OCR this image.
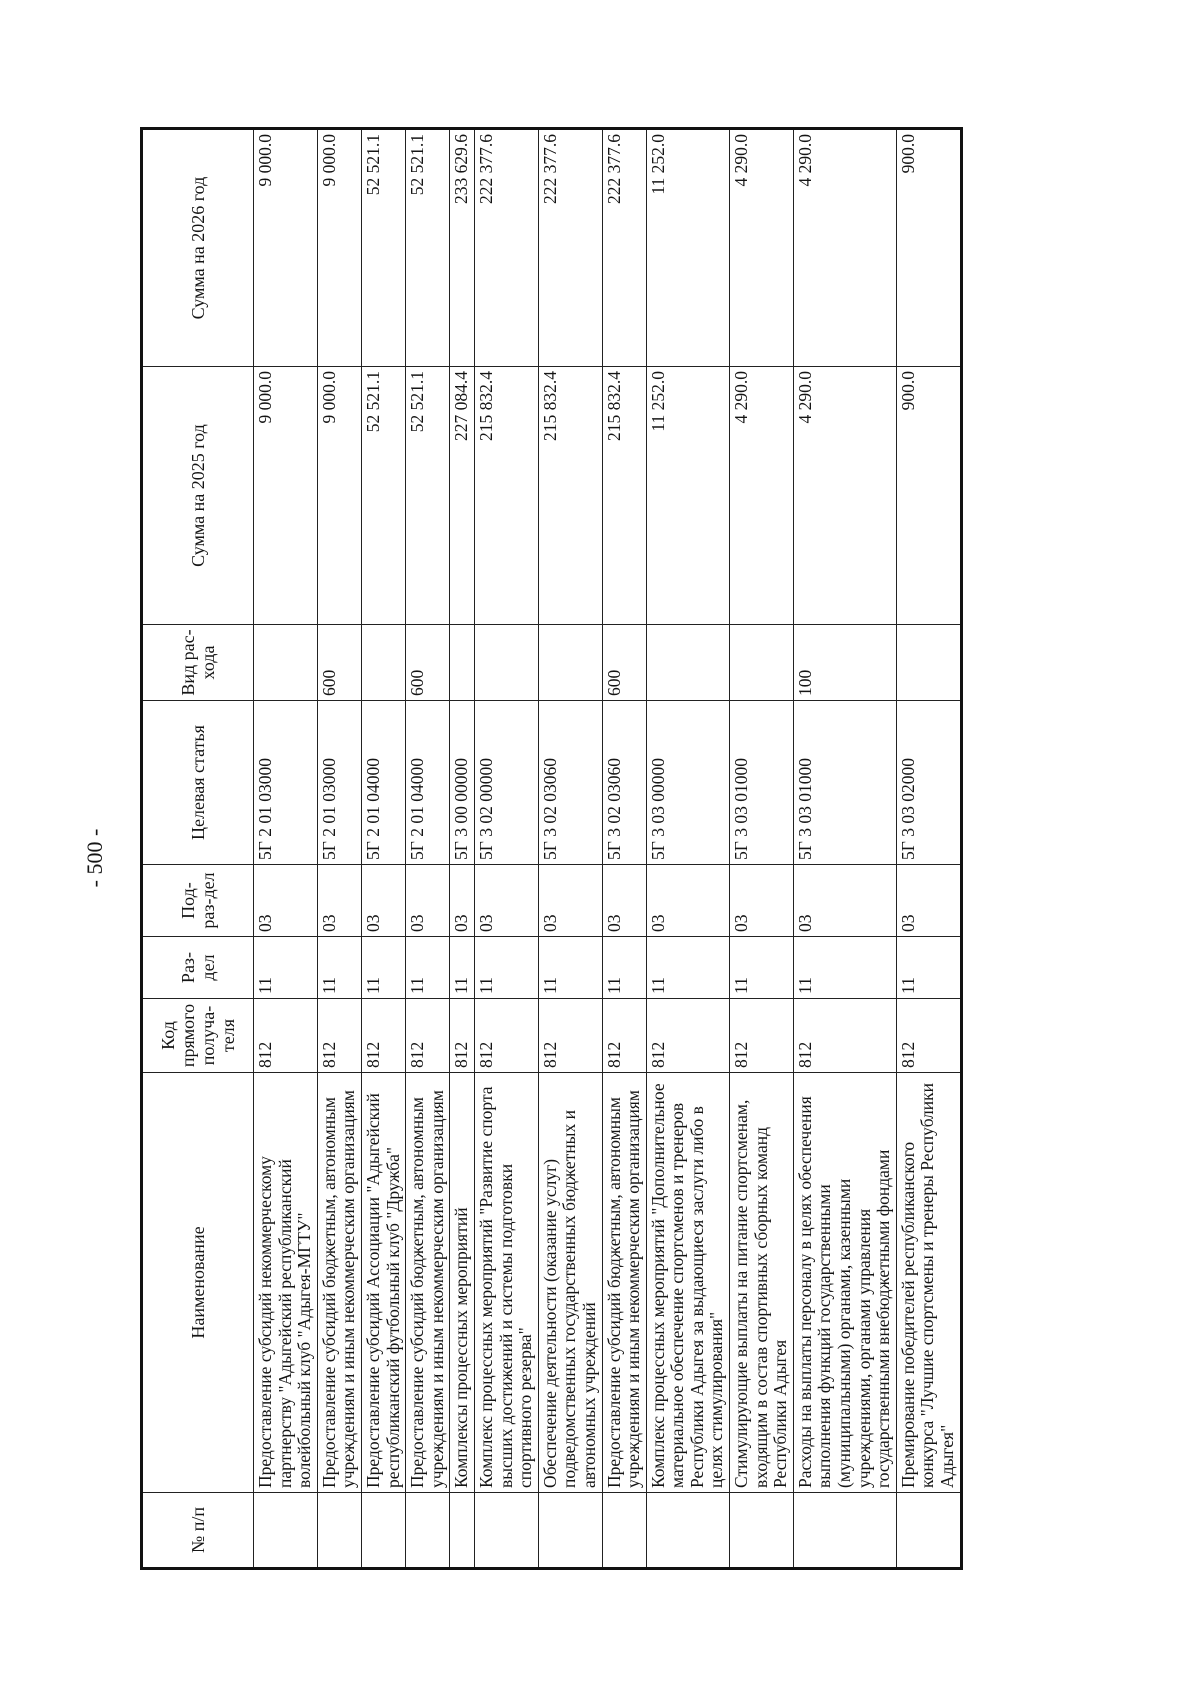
- 500 -
№ п/п	Наименование	Код прямого получа-теля	Раз-дел	Под-раз-дел	Целевая статья	Вид рас-хода	Сумма на 2025 год	Сумма на 2026 год
	Предоставление субсидий некоммерческому партнерству "Адыгейский республиканский волейбольный клуб "Адыгея-МГТУ"	812	11	03	5Г 2 01 03000		9 000.0	9 000.0
	Предоставление субсидий бюджетным, автономным учреждениям и иным некоммерческим организациям	812	11	03	5Г 2 01 03000	600	9 000.0	9 000.0
	Предоставление субсидий Ассоциации "Адыгейский республиканский футбольный клуб "Дружба"	812	11	03	5Г 2 01 04000		52 521.1	52 521.1
	Предоставление субсидий бюджетным, автономным учреждениям и иным некоммерческим организациям	812	11	03	5Г 2 01 04000	600	52 521.1	52 521.1
	Комплексы процессных мероприятий	812	11	03	5Г 3 00 00000		227 084.4	233 629.6
	Комплекс процессных мероприятий "Развитие спорта высших достижений и системы подготовки спортивного резерва"	812	11	03	5Г 3 02 00000		215 832.4	222 377.6
	Обеспечение деятельности (оказание услуг) подведомственных государственных бюджетных и автономных учреждений	812	11	03	5Г 3 02 03060		215 832.4	222 377.6
	Предоставление субсидий бюджетным, автономным учреждениям и иным некоммерческим организациям	812	11	03	5Г 3 02 03060	600	215 832.4	222 377.6
	Комплекс процессных мероприятий "Дополнительное материальное обеспечение спортсменов и тренеров Республики Адыгея за выдающиеся заслуги либо в целях стимулирования"	812	11	03	5Г 3 03 00000		11 252.0	11 252.0
	Стимулирующие выплаты на питание спортсменам, входящим в состав спортивных сборных команд Республики Адыгея	812	11	03	5Г 3 03 01000		4 290.0	4 290.0
	Расходы на выплаты персоналу в целях обеспечения выполнения функций государственными (муниципальными) органами, казенными учреждениями, органами управления государственными внебюджетными фондами	812	11	03	5Г 3 03 01000	100	4 290.0	4 290.0
	Премирование победителей республиканского конкурса "Лучшие спортсмены и тренеры Республики Адыгея"	812	11	03	5Г 3 03 02000		900.0	900.0
